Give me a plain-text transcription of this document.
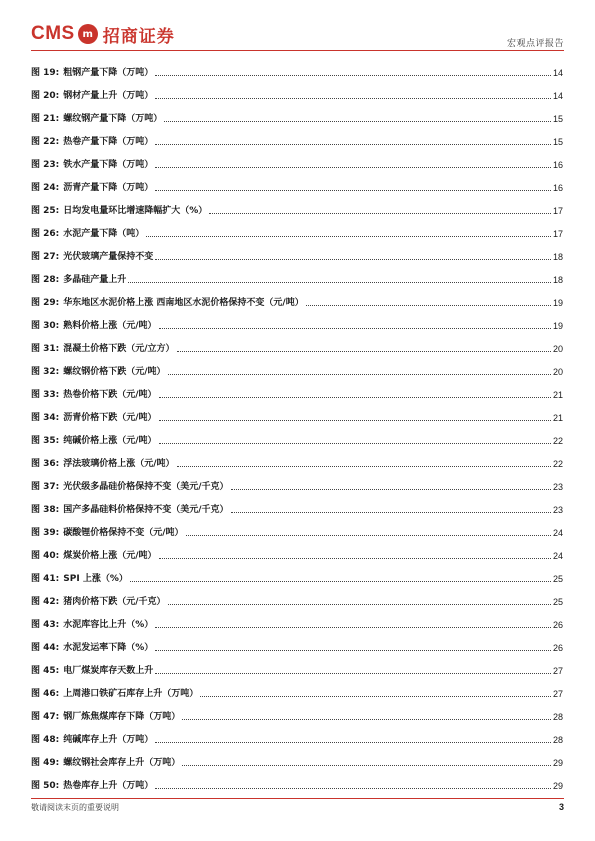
CMS m 招商证券	宏观点评报告
图 19: 粗钢产量下降（万吨）	14
图 20: 钢材产量上升（万吨）	14
图 21: 螺纹钢产量下降（万吨）	15
图 22: 热卷产量下降（万吨）	15
图 23: 铁水产量下降（万吨）	16
图 24: 沥青产量下降（万吨）	16
图 25: 日均发电量环比增速降幅扩大（%）	17
图 26: 水泥产量下降（吨）	17
图 27: 光伏玻璃产量保持不变	18
图 28: 多晶硅产量上升	18
图 29: 华东地区水泥价格上涨 西南地区水泥价格保持不变（元/吨）	19
图 30: 熟料价格上涨（元/吨）	19
图 31: 混凝土价格下跌（元/立方）	20
图 32: 螺纹钢价格下跌（元/吨）	20
图 33: 热卷价格下跌（元/吨）	21
图 34: 沥青价格下跌（元/吨）	21
图 35: 纯碱价格上涨（元/吨）	22
图 36: 浮法玻璃价格上涨（元/吨）	22
图 37: 光伏级多晶硅价格保持不变（美元/千克）	23
图 38: 国产多晶硅料价格保持不变（美元/千克）	23
图 39: 碳酸锂价格保持不变（元/吨）	24
图 40: 煤炭价格上涨（元/吨）	24
图 41: SPI 上涨（%）	25
图 42: 猪肉价格下跌（元/千克）	25
图 43: 水泥库容比上升（%）	26
图 44: 水泥发运率下降（%）	26
图 45: 电厂煤炭库存天数上升	27
图 46: 上周港口铁矿石库存上升（万吨）	27
图 47: 钢厂炼焦煤库存下降（万吨）	28
图 48: 纯碱库存上升（万吨）	28
图 49: 螺纹钢社会库存上升（万吨）	29
图 50: 热卷库存上升（万吨）	29
敬请阅读末页的重要说明	3
